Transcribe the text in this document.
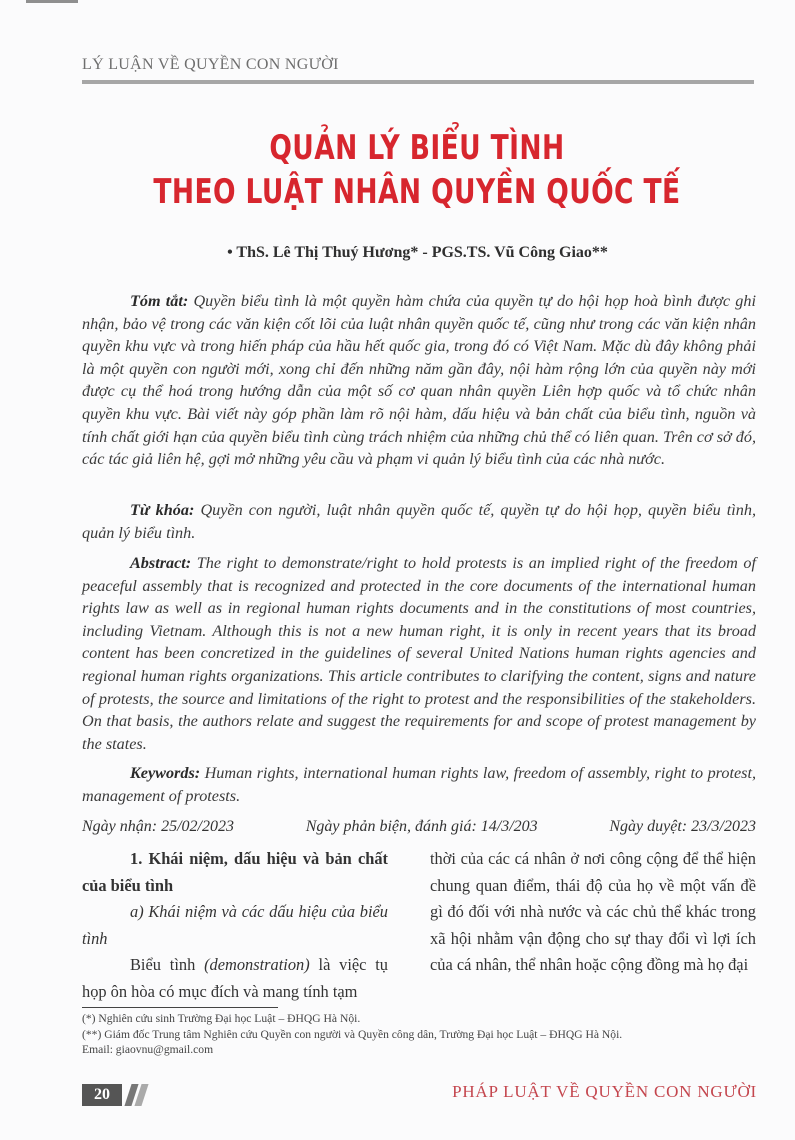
LÝ LUẬN VỀ QUYỀN CON NGƯỜI
QUẢN LÝ BIỂU TÌNH
THEO LUẬT NHÂN QUYỀN QUỐC TẾ
• ThS. Lê Thị Thuý Hương* - PGS.TS. Vũ Công Giao**
Tóm tắt: Quyền biểu tình là một quyền hàm chứa của quyền tự do hội họp hoà bình được ghi nhận, bảo vệ trong các văn kiện cốt lõi của luật nhân quyền quốc tế, cũng như trong các văn kiện nhân quyền khu vực và trong hiến pháp của hầu hết quốc gia, trong đó có Việt Nam. Mặc dù đây không phải là một quyền con người mới, xong chỉ đến những năm gần đây, nội hàm rộng lớn của quyền này mới được cụ thể hoá trong hướng dẫn của một số cơ quan nhân quyền Liên hợp quốc và tổ chức nhân quyền khu vực. Bài viết này góp phần làm rõ nội hàm, dấu hiệu và bản chất của biểu tình, nguồn và tính chất giới hạn của quyền biểu tình cùng trách nhiệm của những chủ thể có liên quan. Trên cơ sở đó, các tác giả liên hệ, gợi mở những yêu cầu và phạm vi quản lý biểu tình của các nhà nước.
Từ khóa: Quyền con người, luật nhân quyền quốc tế, quyền tự do hội họp, quyền biểu tình, quản lý biểu tình.
Abstract: The right to demonstrate/right to hold protests is an implied right of the freedom of peaceful assembly that is recognized and protected in the core documents of the international human rights law as well as in regional human rights documents and in the constitutions of most countries, including Vietnam. Although this is not a new human right, it is only in recent years that its broad content has been concretized in the guidelines of several United Nations human rights agencies and regional human rights organizations. This article contributes to clarifying the content, signs and nature of protests, the source and limitations of the right to protest and the responsibilities of the stakeholders. On that basis, the authors relate and suggest the requirements for and scope of protest management by the states.
Keywords: Human rights, international human rights law, freedom of assembly, right to protest, management of protests.
Ngày nhận: 25/02/2023	Ngày phản biện, đánh giá: 14/3/203	Ngày duyệt: 23/3/2023

1. Khái niệm, dấu hiệu và bản chất của biểu tình

a) Khái niệm và các dấu hiệu của biểu tình

Biểu tình (demonstration) là việc tụ họp ôn hòa có mục đích và mang tính tạm

thời của các cá nhân ở nơi công cộng để thể hiện chung quan điểm, thái độ của họ về một vấn đề gì đó đối với nhà nước và các chủ thể khác trong xã hội nhằm vận động cho sự thay đổi vì lợi ích của cá nhân, thể nhân hoặc cộng đồng mà họ đại

(*) Nghiên cứu sinh Trường Đại học Luật – ĐHQG Hà Nội.
(**) Giám đốc Trung tâm Nghiên cứu Quyền con người và Quyền công dân, Trường Đại học Luật – ĐHQG Hà Nội.
Email: giaovnu@gmail.com
20	PHÁP LUẬT VỀ QUYỀN CON NGƯỜI
